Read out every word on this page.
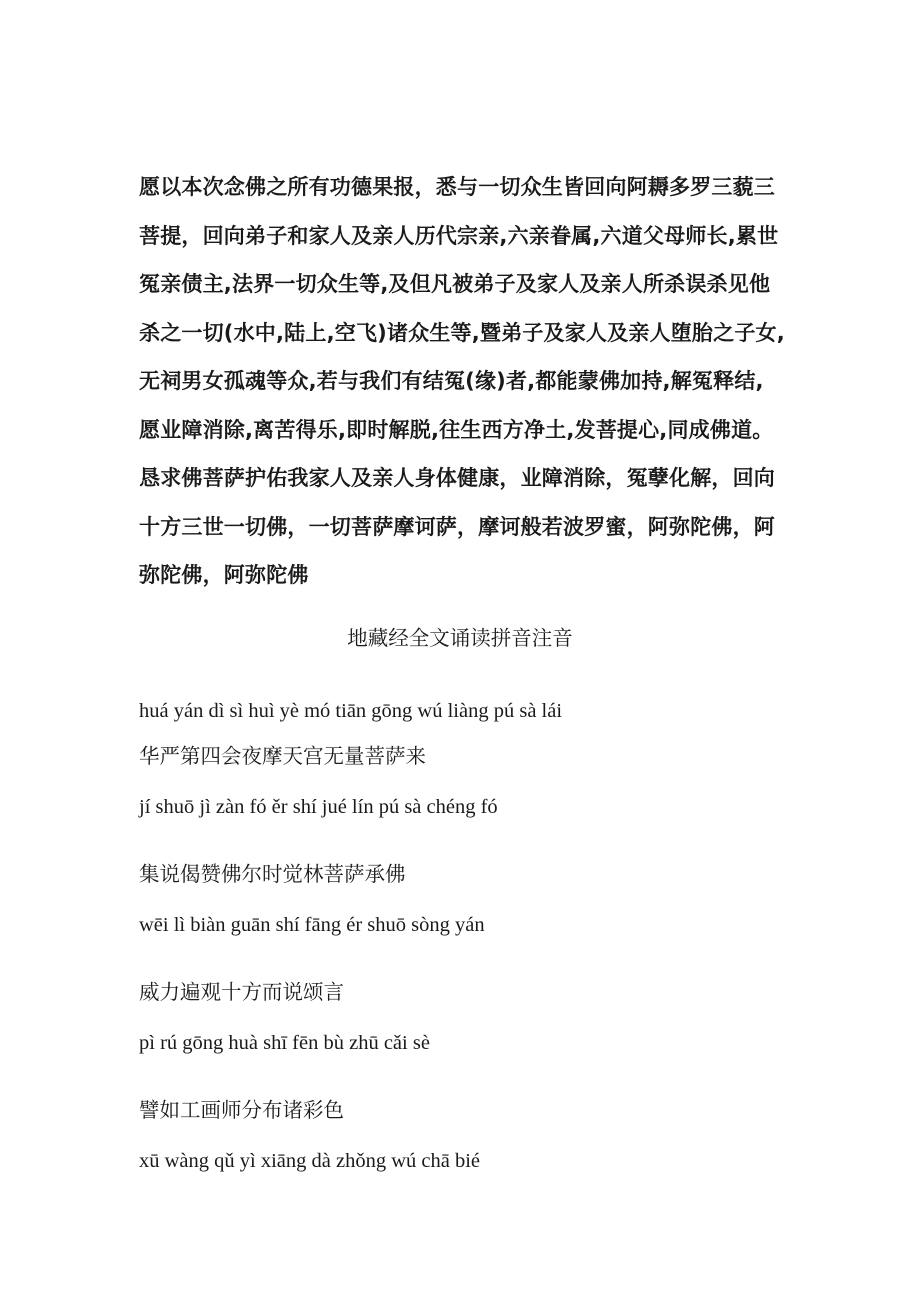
愿以本次念佛之所有功德果报，悉与一切众生皆回向阿耨多罗三藐三
菩提，回向弟子和家人及亲人历代宗亲,六亲眷属,六道父母师长,累世
冤亲债主,法界一切众生等,及但凡被弟子及家人及亲人所杀误杀见他
杀之一切(水中,陆上,空飞)诸众生等,暨弟子及家人及亲人堕胎之子女,
无祠男女孤魂等众,若与我们有结冤(缘)者,都能蒙佛加持,解冤释结,
愿业障消除,离苦得乐,即时解脱,往生西方净土,发菩提心,同成佛道。
恳求佛菩萨护佑我家人及亲人身体健康，业障消除，冤孽化解，回向
十方三世一切佛，一切菩萨摩诃萨，摩诃般若波罗蜜，阿弥陀佛，阿
弥陀佛，阿弥陀佛
地藏经全文诵读拼音注音
huá yán dì sì huì yè mó tiān gōng wú liàng pú sà lái
华严第四会夜摩天宫无量菩萨来
jí shuō jì zàn fó ěr shí jué lín pú sà chéng fó
集说偈赞佛尔时觉林菩萨承佛
wēi lì biàn guān shí fāng ér shuō sòng yán
威力遍观十方而说颂言
pì rú gōng huà shī fēn bù zhū cǎi sè
譬如工画师分布诸彩色
xū wàng qǔ yì xiāng dà zhǒng wú chā bié
